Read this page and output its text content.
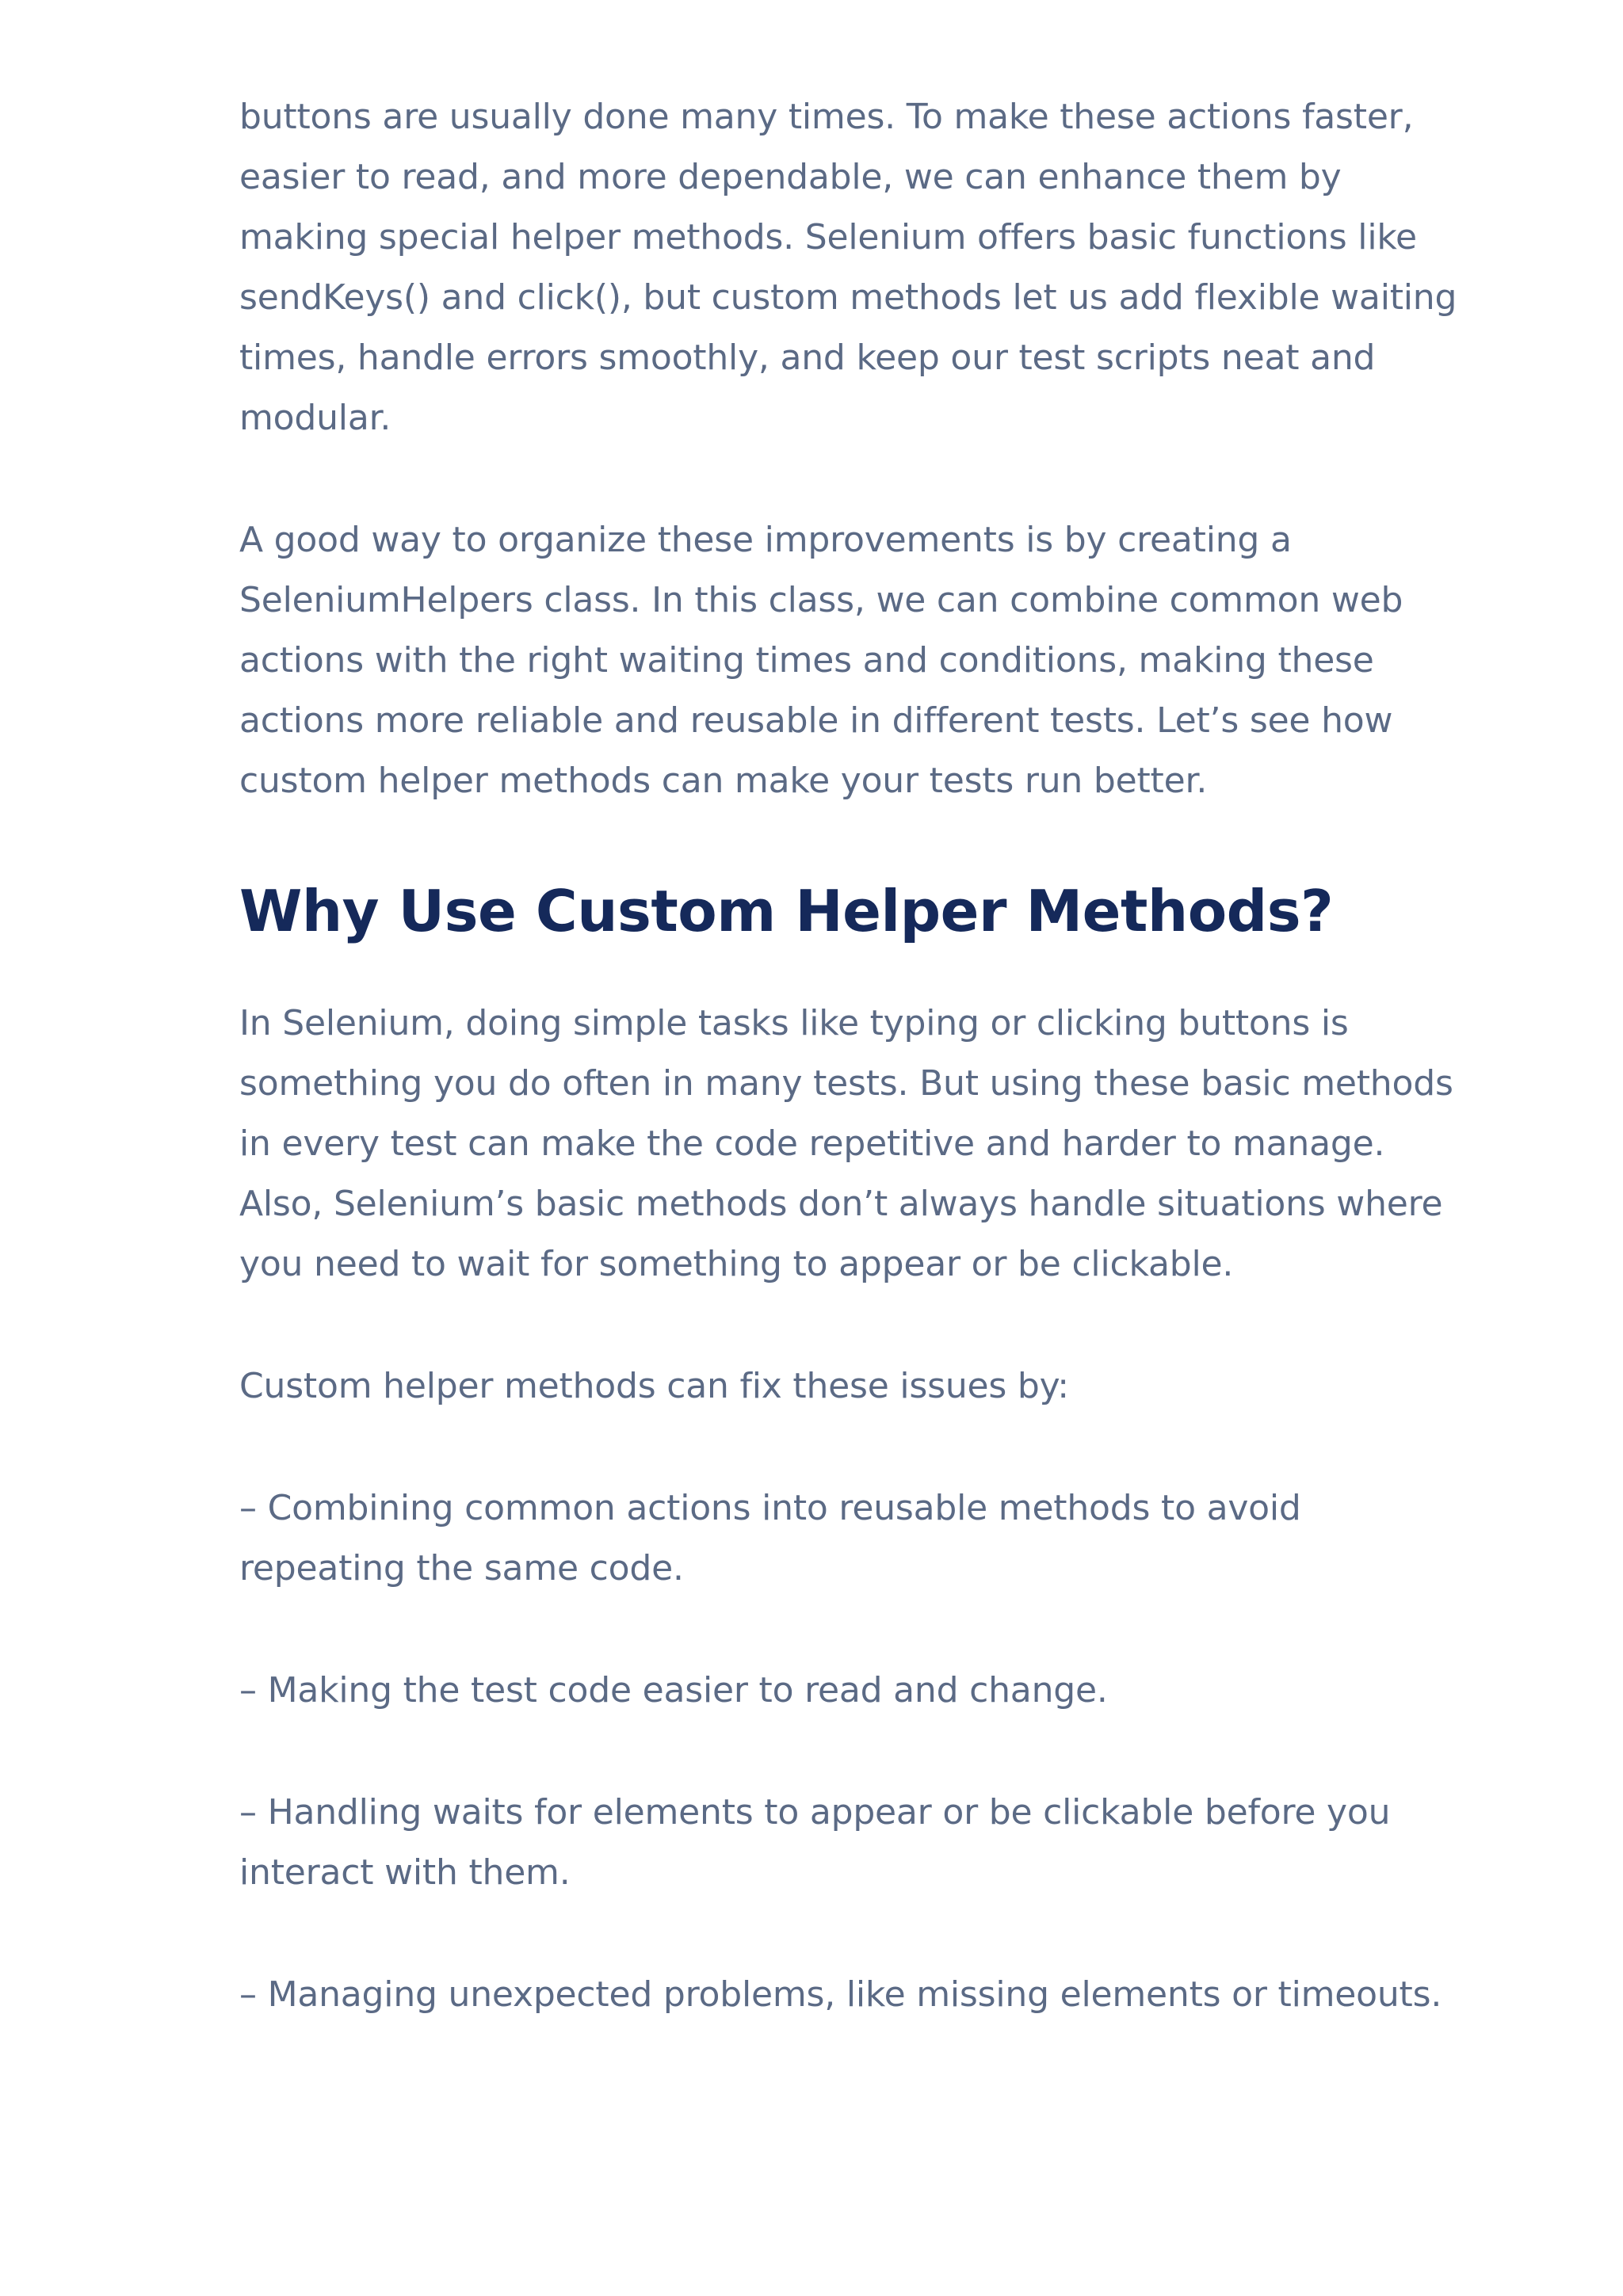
buttons are usually done many times. To make these actions faster, easier to read, and more dependable, we can enhance them by making special helper methods. Selenium offers basic functions like sendKeys() and click(), but custom methods let us add flexible waiting times, handle errors smoothly, and keep our test scripts neat and modular.

A good way to organize these improvements is by creating a SeleniumHelpers class. In this class, we can combine common web actions with the right waiting times and conditions, making these actions more reliable and reusable in different tests. Let’s see how custom helper methods can make your tests run better.

Why Use Custom Helper Methods?

In Selenium, doing simple tasks like typing or clicking buttons is something you do often in many tests. But using these basic methods in every test can make the code repetitive and harder to manage. Also, Selenium’s basic methods don’t always handle situations where you need to wait for something to appear or be clickable.

Custom helper methods can fix these issues by:

– Combining common actions into reusable methods to avoid repeating the same code.

– Making the test code easier to read and change.

– Handling waits for elements to appear or be clickable before you interact with them.

– Managing unexpected problems, like missing elements or timeouts.
